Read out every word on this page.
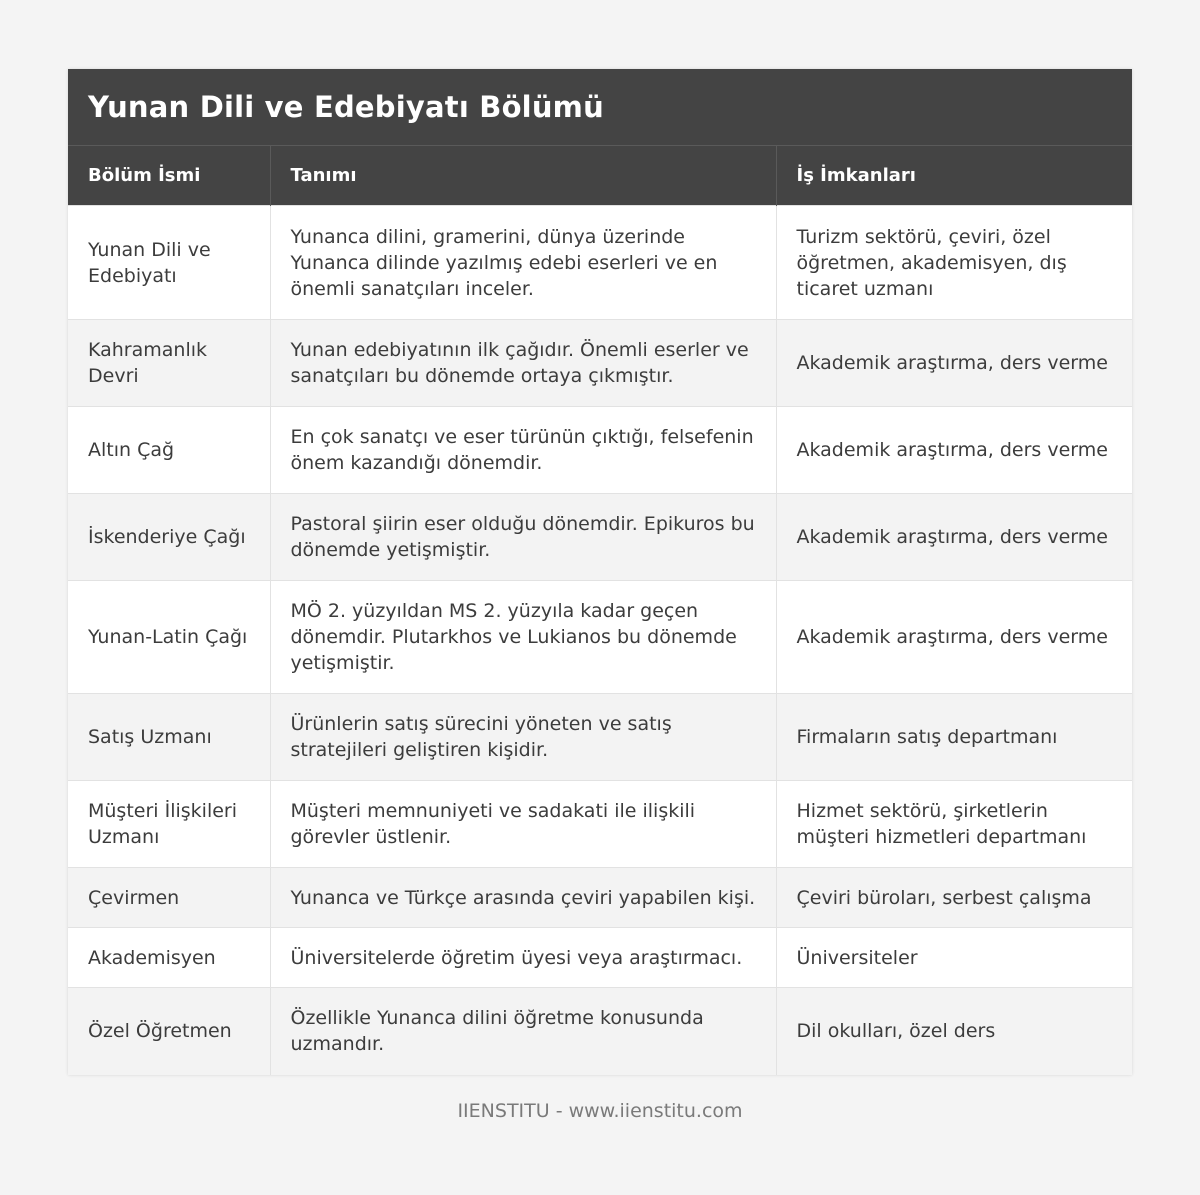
Yunan Dili ve Edebiyatı Bölümü
Bölüm İsmi	Tanımı	İş İmkanları
Yunan Dili ve Edebiyatı	Yunanca dilini, gramerini, dünya üzerinde Yunanca dilinde yazılmış edebi eserleri ve en önemli sanatçıları inceler.	Turizm sektörü, çeviri, özel öğretmen, akademisyen, dış ticaret uzmanı
Kahramanlık Devri	Yunan edebiyatının ilk çağıdır. Önemli eserler ve sanatçıları bu dönemde ortaya çıkmıştır.	Akademik araştırma, ders verme
Altın Çağ	En çok sanatçı ve eser türünün çıktığı, felsefenin önem kazandığı dönemdir.	Akademik araştırma, ders verme
İskenderiye Çağı	Pastoral şiirin eser olduğu dönemdir. Epikuros bu dönemde yetişmiştir.	Akademik araştırma, ders verme
Yunan-Latin Çağı	MÖ 2. yüzyıldan MS 2. yüzyıla kadar geçen dönemdir. Plutarkhos ve Lukianos bu dönemde yetişmiştir.	Akademik araştırma, ders verme
Satış Uzmanı	Ürünlerin satış sürecini yöneten ve satış stratejileri geliştiren kişidir.	Firmaların satış departmanı
Müşteri İlişkileri Uzmanı	Müşteri memnuniyeti ve sadakati ile ilişkili görevler üstlenir.	Hizmet sektörü, şirketlerin müşteri hizmetleri departmanı
Çevirmen	Yunanca ve Türkçe arasında çeviri yapabilen kişi.	Çeviri büroları, serbest çalışma
Akademisyen	Üniversitelerde öğretim üyesi veya araştırmacı.	Üniversiteler
Özel Öğretmen	Özellikle Yunanca dilini öğretme konusunda uzmandır.	Dil okulları, özel ders
IIENSTITU - www.iienstitu.com
